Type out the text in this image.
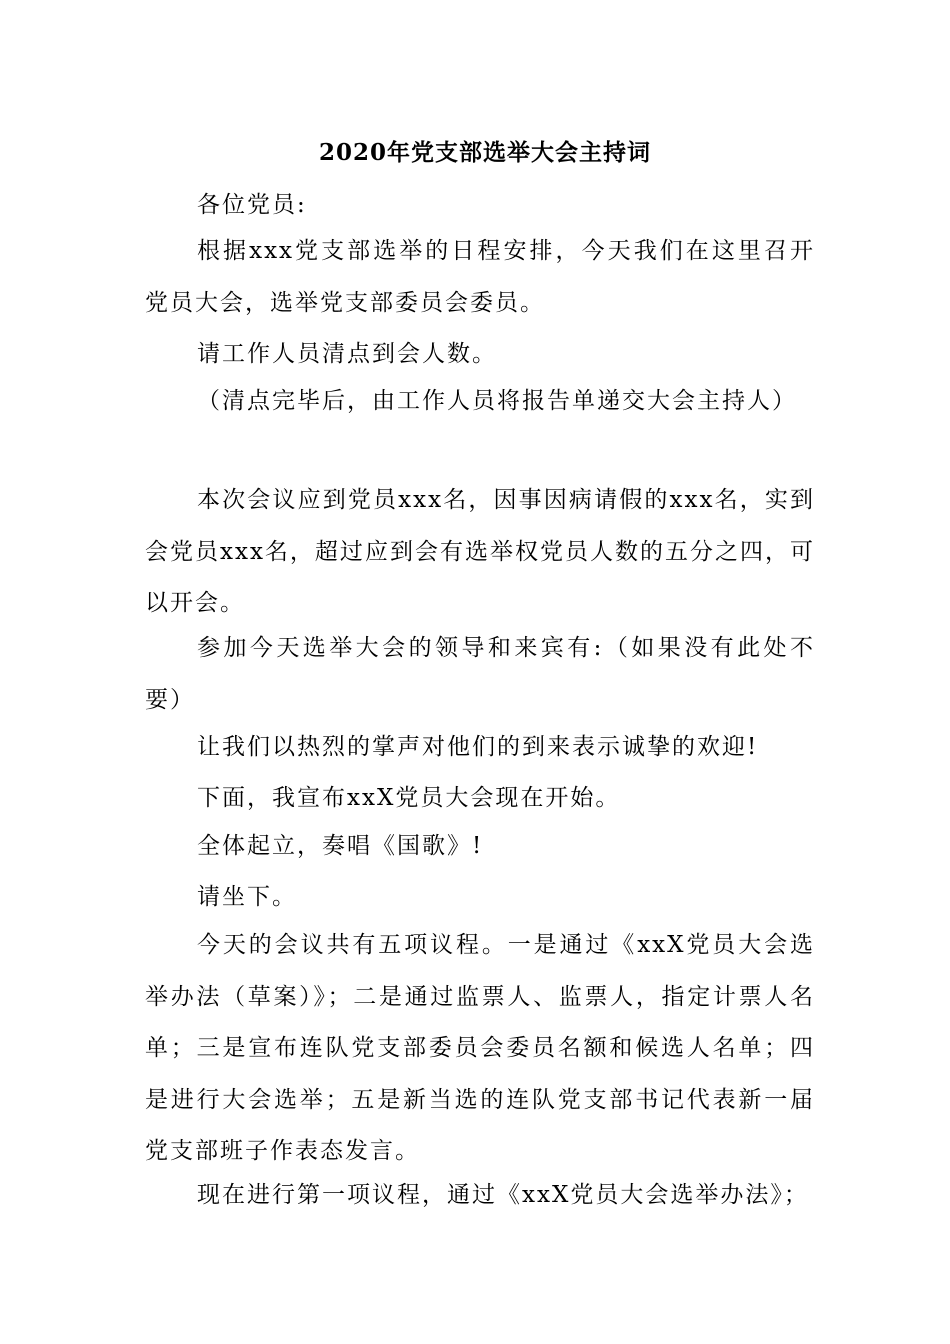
2020年党支部选举大会主持词

各位党员:

根据xxx党支部选举的日程安排，今天我们在这里召开党员大会，选举党支部委员会委员。

请工作人员清点到会人数。

（清点完毕后，由工作人员将报告单递交大会主持人）

本次会议应到党员xxx名，因事因病请假的xxx名，实到会党员xxx名，超过应到会有选举权党员人数的五分之四，可以开会。

参加今天选举大会的领导和来宾有:（如果没有此处不要）

让我们以热烈的掌声对他们的到来表示诚挚的欢迎!

下面，我宣布xxX党员大会现在开始。

全体起立，奏唱《国歌》!

请坐下。

今天的会议共有五项议程。一是通过《xxX党员大会选举办法（草案）》；二是通过监票人、监票人，指定计票人名单；三是宣布连队党支部委员会委员名额和候选人名单；四是进行大会选举；五是新当选的连队党支部书记代表新一届党支部班子作表态发言。

现在进行第一项议程，通过《xxX党员大会选举办法》；
